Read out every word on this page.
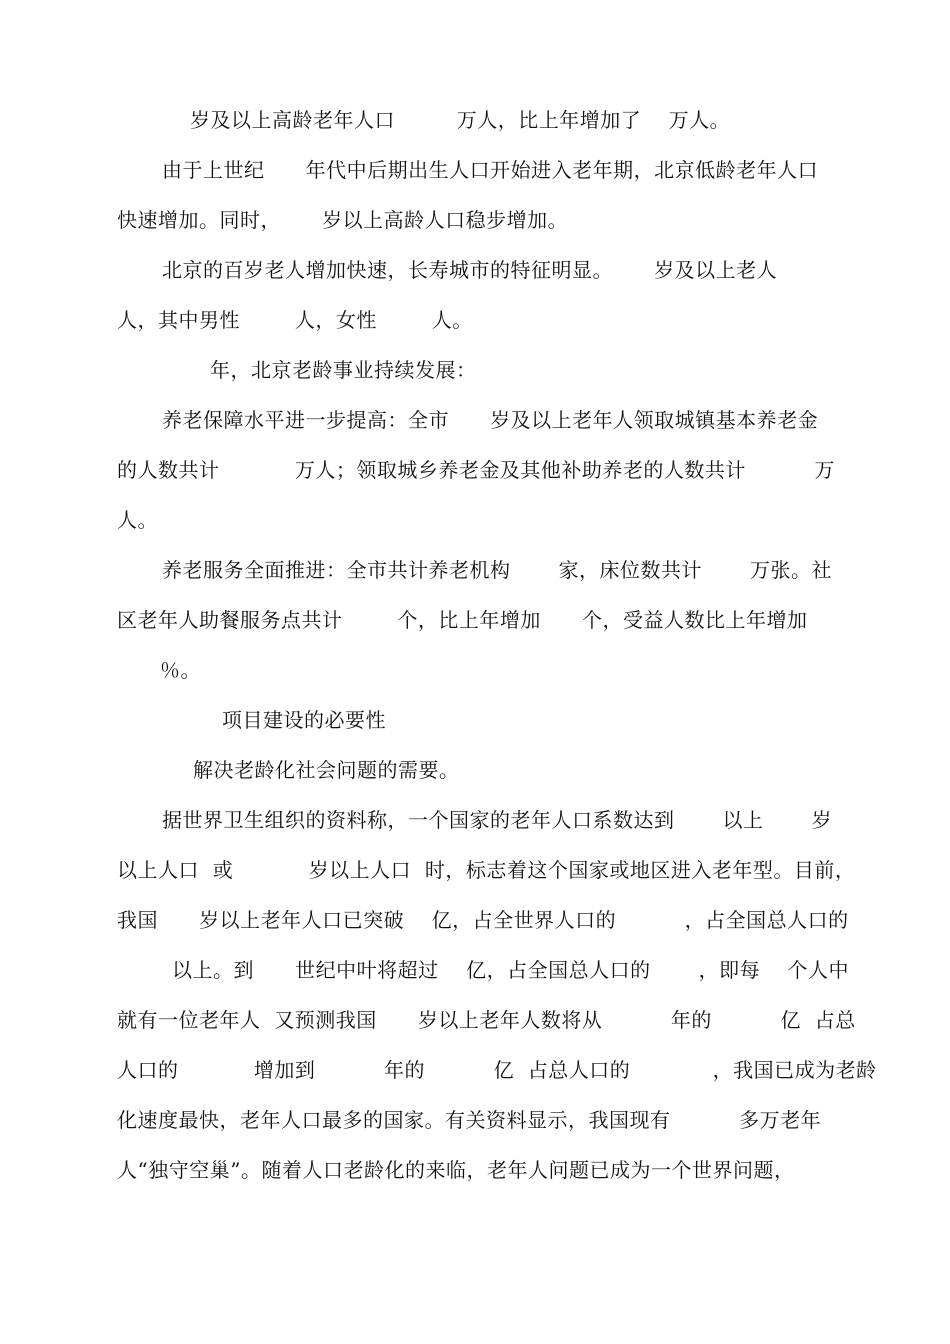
岁及以上高龄老年人口         万人，比上年增加了    万人。
由于上世纪      年代中后期出生人口开始进入老年期，北京低龄老年人口
快速增加。同时，      岁以上高龄人口稳步增加。
北京的百岁老人增加快速，长寿城市的特征明显。      岁及以上老人
人，其中男性        人，女性        人。
年，北京老龄事业持续发展：
养老保障水平进一步提高：全市      岁及以上老年人领取城镇基本养老金
的人数共计           万人；领取城乡养老金及其他补助养老的人数共计          万
人。
养老服务全面推进：全市共计养老机构       家，床位数共计       万张。社
区老年人助餐服务点共计        个，比上年增加      个，受益人数比上年增加
％。
项目建设的必要性
解决老龄化社会问题的需要。
据世界卫生组织的资料称，一个国家的老年人口系数达到       以上       岁
以上人口  或           岁以上人口  时，标志着这个国家或地区进入老年型。目前，
我国      岁以上老年人口已突破    亿，占全世界人口的          ，占全国总人口的
以上。到      世纪中叶将超过    亿，占全国总人口的       ，即每    个人中
就有一位老年人  又预测我国      岁以上老年人数将从          年的          亿  占总
人口的           增加到          年的          亿  占总人口的            ，我国已成为老龄
化速度最快，老年人口最多的国家。有关资料显示，我国现有          多万老年
人“独守空巢”。随着人口老龄化的来临，老年人问题已成为一个世界问题，
